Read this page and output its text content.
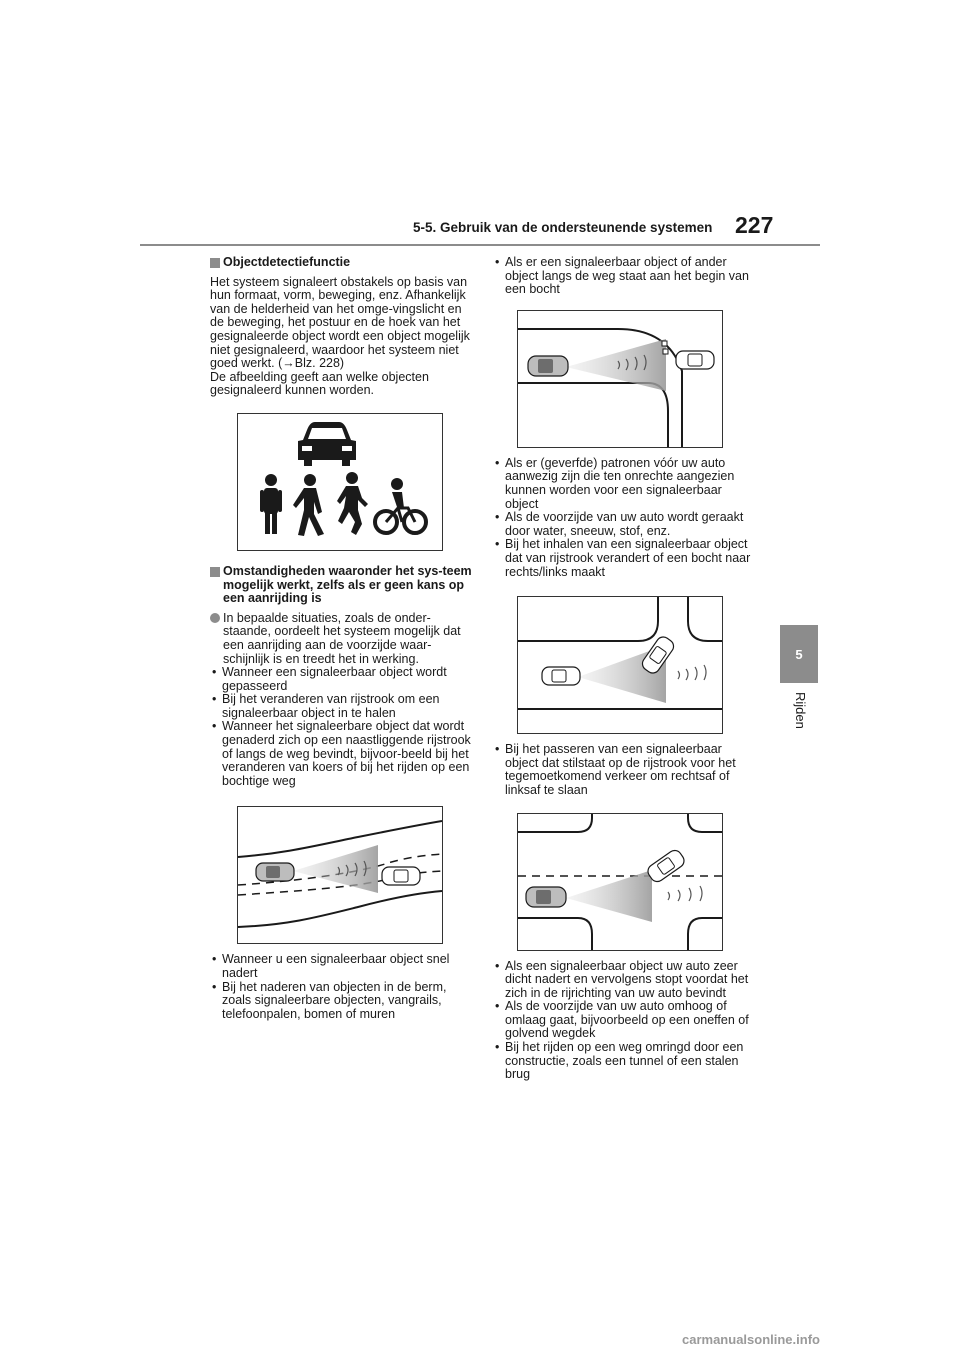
5-5. Gebruik van de ondersteunende systemen 227
5
Rijden
Objectdetectiefunctie

Het systeem signaleert obstakels op basis van hun formaat, vorm, beweging, enz. Afhankelijk van de helderheid van het omge-vingslicht en de beweging, het postuur en de hoek van het gesignaleerde object wordt een object mogelijk niet gesignaleerd, waardoor het systeem niet goed werkt. (→Blz. 228)

De afbeelding geeft aan welke objecten gesignaleerd kunnen worden.

Omstandigheden waaronder het sys-teem mogelijk werkt, zelfs als er geen kans op een aanrijding is
In bepaalde situaties, zoals de onder-staande, oordeelt het systeem mogelijk dat een aanrijding aan de voorzijde waar-schijnlijk is en treedt het in werking.
• Wanneer een signaleerbaar object wordt gepasseerd
• Bij het veranderen van rijstrook om een signaleerbaar object in te halen
• Wanneer het signaleerbare object dat wordt genaderd zich op een naastliggende rijstrook of langs de weg bevindt, bijvoor-beeld bij het veranderen van koers of bij het rijden op een bochtige weg
• Wanneer u een signaleerbaar object snel nadert
• Bij het naderen van objecten in de berm, zoals signaleerbare objecten, vangrails, telefoonpalen, bomen of muren
• Als er een signaleerbaar object of ander object langs de weg staat aan het begin van een bocht
• Als er (geverfde) patronen vóór uw auto aanwezig zijn die ten onrechte aangezien kunnen worden voor een signaleerbaar object
• Als de voorzijde van uw auto wordt geraakt door water, sneeuw, stof, enz.
• Bij het inhalen van een signaleerbaar object dat van rijstrook verandert of een bocht naar rechts/links maakt
• Bij het passeren van een signaleerbaar object dat stilstaat op de rijstrook voor het tegemoetkomend verkeer om rechtsaf of linksaf te slaan
• Als een signaleerbaar object uw auto zeer dicht nadert en vervolgens stopt voordat het zich in de rijrichting van uw auto bevindt
• Als de voorzijde van uw auto omhoog of omlaag gaat, bijvoorbeeld op een oneffen of golvend wegdek
• Bij het rijden op een weg omringd door een constructie, zoals een tunnel of een stalen brug
carmanualsonline.info
